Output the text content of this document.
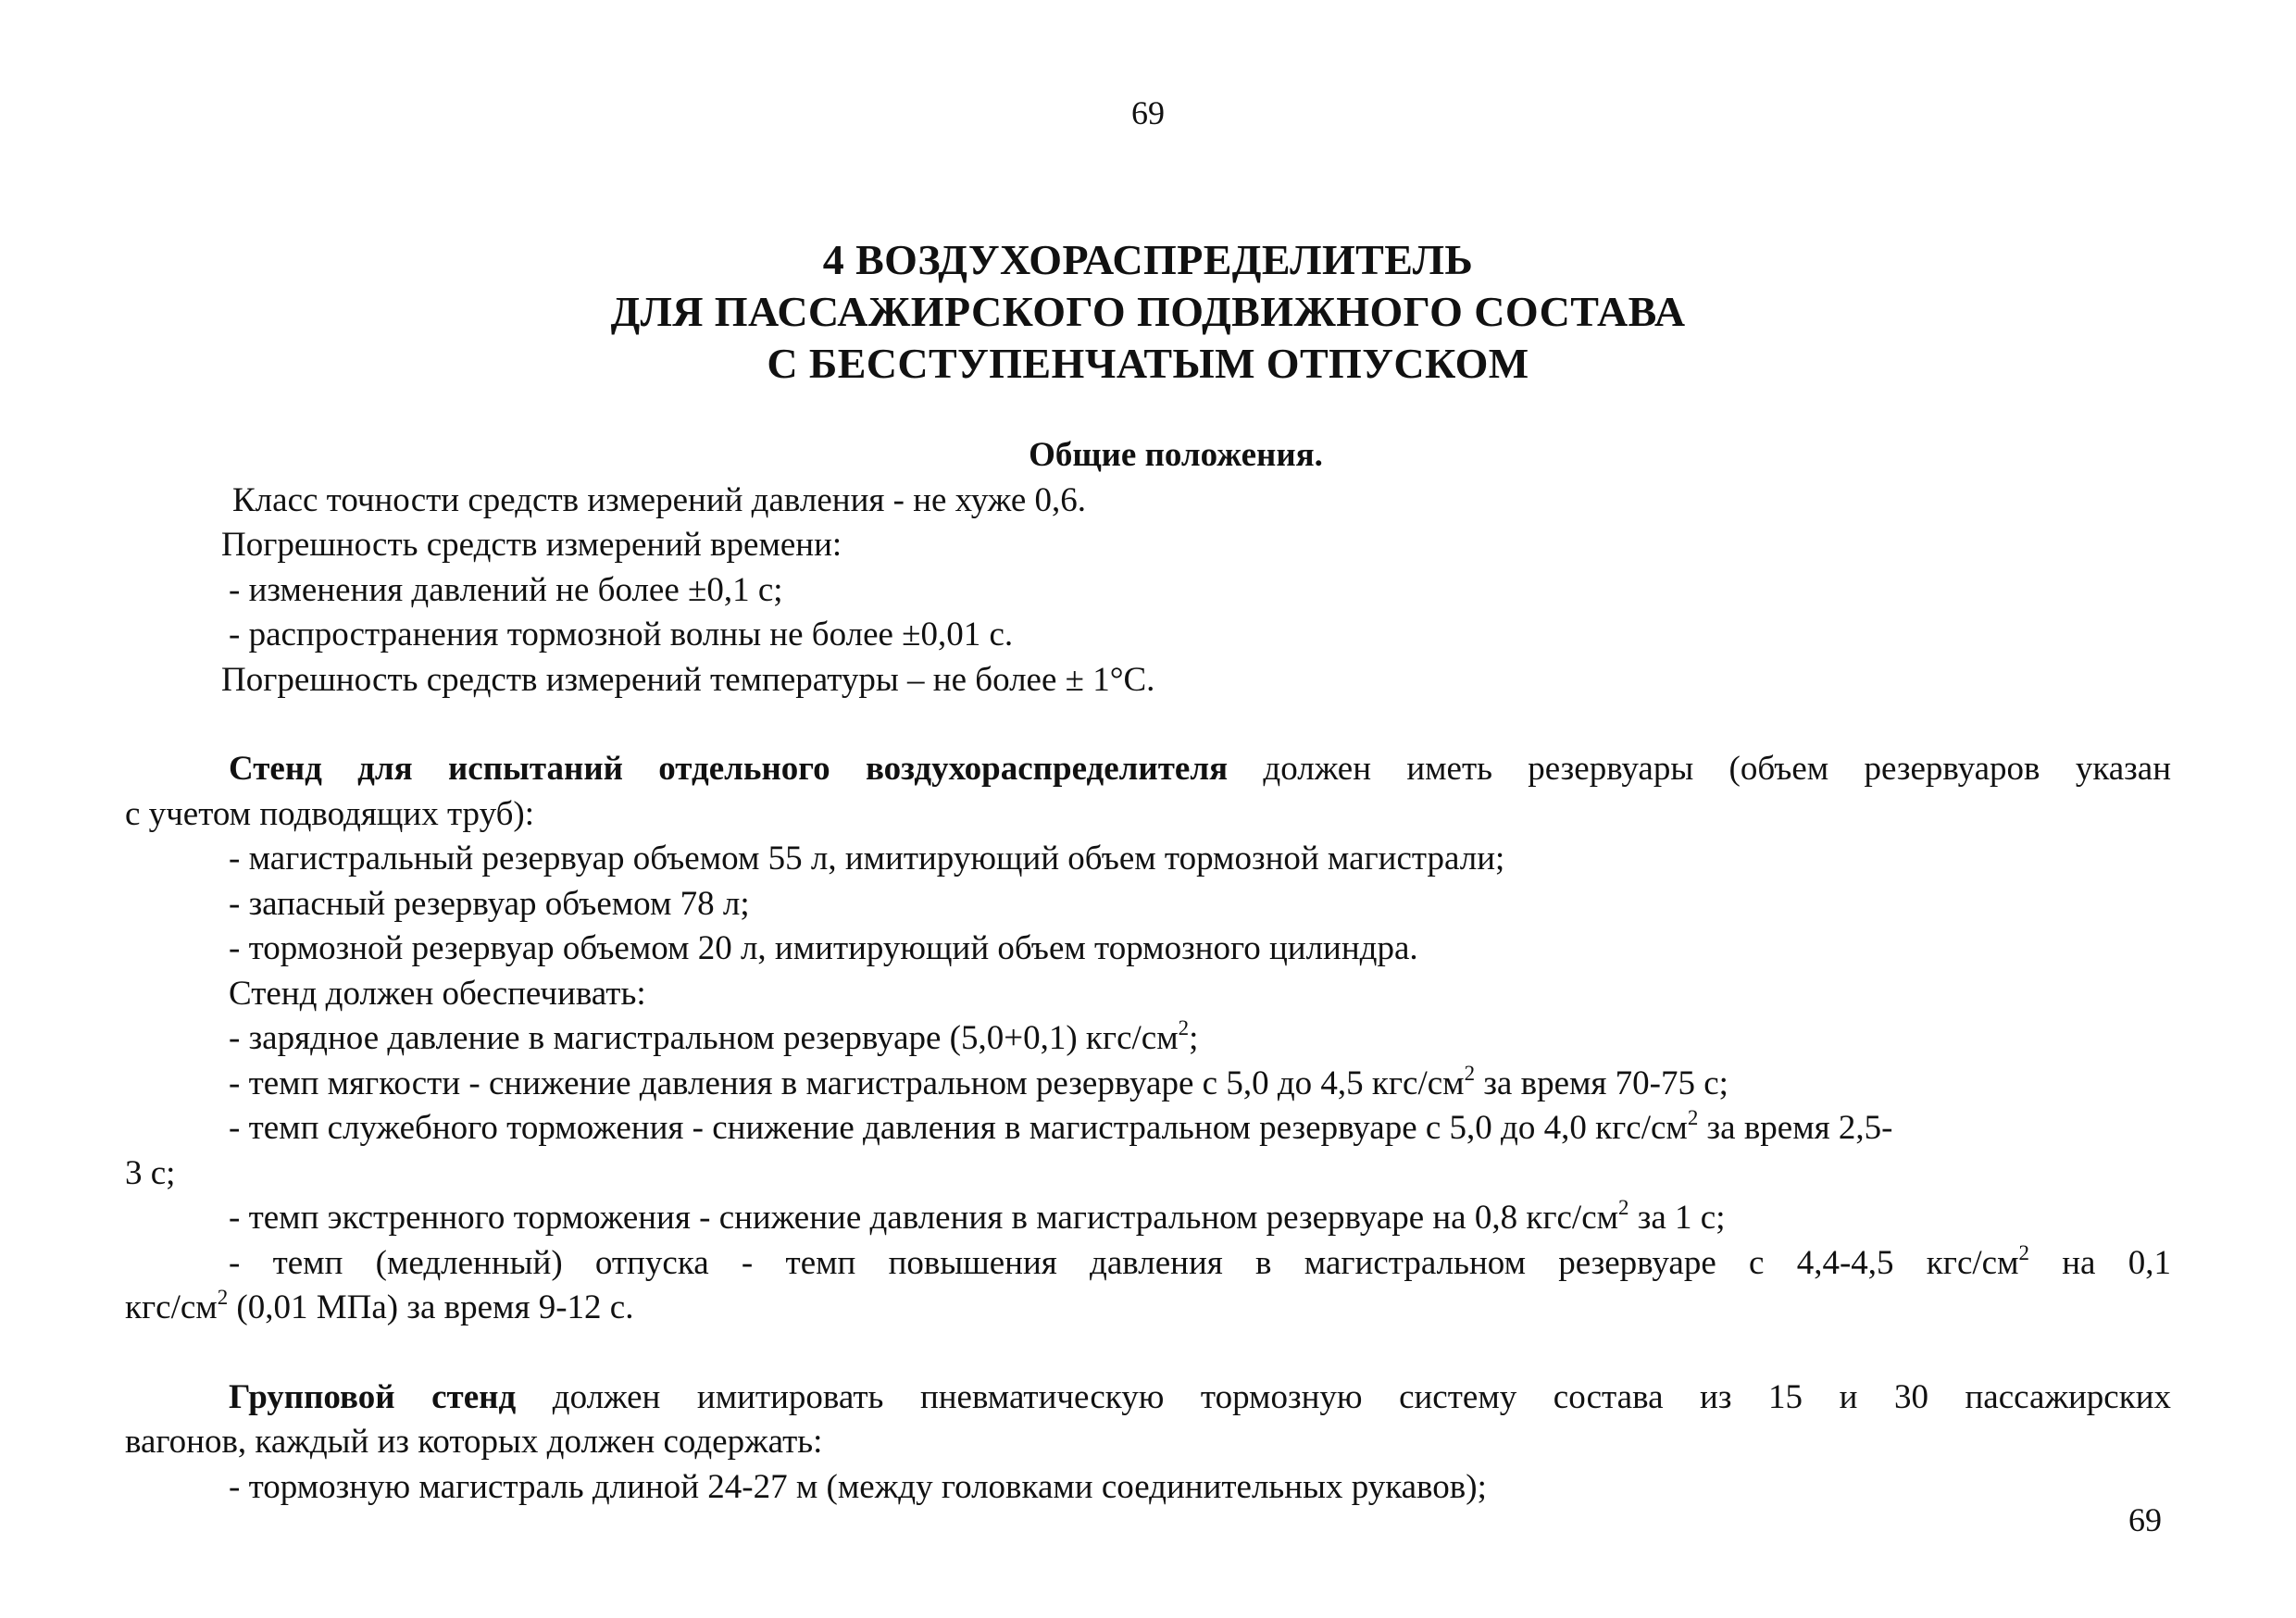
69
4 ВОЗДУХОРАСПРЕДЕЛИТЕЛЬ
ДЛЯ ПАССАЖИРСКОГО ПОДВИЖНОГО СОСТАВА
С БЕССТУПЕНЧАТЫМ ОТПУСКОМ
Общие положения.
Класс точности средств измерений давления - не хуже 0,6.
Погрешность средств измерений времени:
- изменения давлений не более ±0,1 с;
- распространения тормозной волны не более ±0,01 с.
Погрешность средств измерений температуры – не более ± 1°С.
Стенд для испытаний отдельного воздухораспределителя должен иметь резервуары (объем резервуаров указан
с учетом подводящих труб):
- магистральный резервуар объемом 55 л, имитирующий объем тормозной магистрали;
- запасный резервуар объемом 78 л;
- тормозной резервуар объемом 20 л, имитирующий объем тормозного цилиндра.
Стенд должен обеспечивать:
- зарядное давление в магистральном резервуаре (5,0+0,1) кгс/$см^2$;
- темп мягкости - снижение давления в магистральном резервуаре с 5,0 до 4,5 кгс/$см^2$ за время 70-75 с;
- темп служебного торможения - снижение давления в магистральном резервуаре с 5,0 до 4,0 кгс/$см^2$ за время 2,5-
3 с;
- темп экстренного торможения - снижение давления в магистральном резервуаре на 0,8 кгс/$см^2$ за 1 с;
- темп (медленный) отпуска - темп повышения давления в магистральном резервуаре с 4,4-4,5 кгс/$см^2$ на 0,1
кгс/$см^2$ (0,01 МПа) за время 9-12 с.
Групповой стенд должен имитировать пневматическую тормозную систему состава из 15 и 30 пассажирских
вагонов, каждый из которых должен содержать:
- тормозную магистраль длиной 24-27 м (между головками соединительных рукавов);
69
